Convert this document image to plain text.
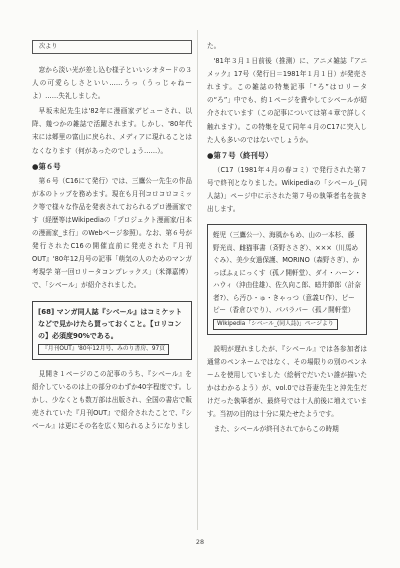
次より

窓から淡い光が差し込む様子といいシオタードの３人の可愛らしさといい……うっ（うっじゃねーよ）……失礼しました。

早坂未紀先生は'82年に漫画家デビューされ、以降、幾つかの雑誌で活躍されます。しかし、'80年代末には郷里の富山に戻られ、メディアに現れることはなくなります（何があったのでしょう……）。

●第６号

第６号（C16にて発行）では、三鷹公一先生の作品が本のトップを務めます。現在も月刊コロコロコミック等で様々な作品を発表されておられるプロ漫画家です（経歴等はWikipediaの「プロジェクト漫画家/日本の漫画家_ま行」のWebページ参照）。なお、第６号が発行されたC16の開催直前に発売された『月刊OUT』'80年12月号の記事「萌気の人のためのマンガ考現学 第一回ロリータコンプレックス」（米澤嘉博）で、「シベール」が紹介されました。

[68] マンガ同人誌『シベール』はコミケットなどで見かけたら買っておくこと。【ロリコンの】必須度90%である。
『月刊OUT』'80年12月号、みのり書房、97頁

見開き１ページのこの記事のうち、『シベール』を紹介しているのは上の部分のわずか40字程度です。しかし、少なくとも数万部は出版され、全国の書店で販売されていた『月刊OUT』で紹介されたことで、『シベール』は更にその名を広く知られるようになりまし

た。

'81年３月１日前後（推測）に、アニメ雑誌『アニメック』17号（発行日＝1981年１月１日）が発売されます。この雑誌の特集記事「“ろ”はロリータの“ろ”」中でも、約１ページを費やしてシベールが紹介されています（この記事については第４章で詳しく触れます）。この特集を見て同年４月のC17に突入した人も多いのではないでしょうか。

●第７号（終刊号）

（C17（1981年４月の春コミ）で発行された第７号で終刊となりました。Wikipediaの「シベール_(同人誌)」ページ中に示された第７号の執筆者名を抜き出します。

蛭児（三鷹公一）、海風かもめ、山の一本杉、藤野光貢、雌猫事書（斉野ささぎ）、×××（川馬めぐみ）、美少女過保護、MORINO（森野さぎ）、かっぱふぇにっくす（孤ノ開軒堂）、ダイ・ハーン・ハウィ（沖由佳雄）、佐久向こ郎、暗井節郎（計奈者?）、ら汚ひ・ゅ・きゃっつ（意義Ｕ作）、ピーピー（香倉ひでり）、パパラパー（孤ノ開軒堂）
Wikipedia「シベール_(同人誌)」ページより

説明が遅れましたが、『シベール』では各参加者は通常のペンネームではなく、その場限りの別のペンネームを使用していました（絵柄でだいたい誰が描いたかはわかるよう）が、vol.0では吾妻先生と沖先生だけだった執筆者が、最終号では十人前後に増えています。当初の目的は十分に果たせたようです。

また、シベールが終刊されてからこの時期

28
